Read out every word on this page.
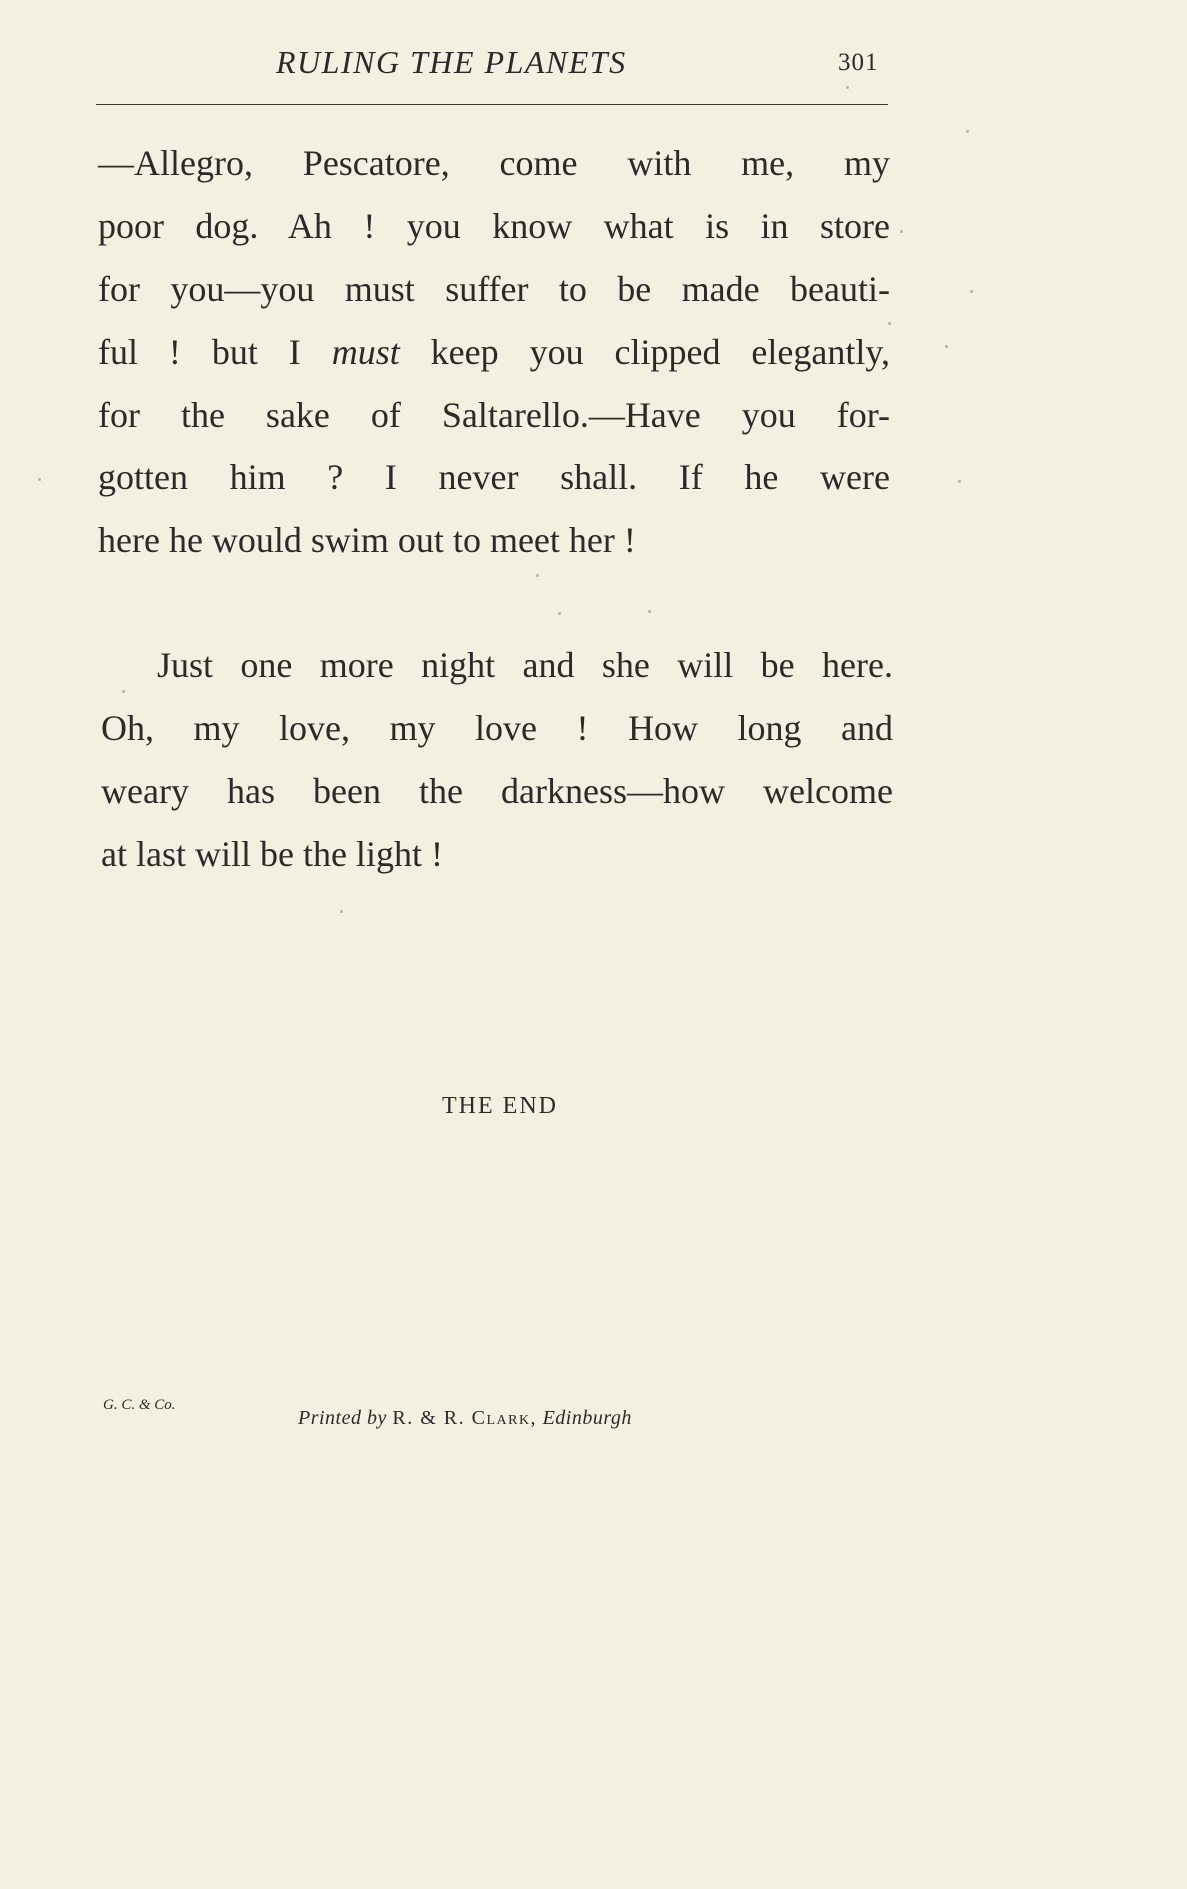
RULING THE PLANETS	301
—Allegro, Pescatore, come with me, my
poor dog. Ah ! you know what is in store
for you—you must suffer to be made beauti-
ful ! but I must keep you clipped elegantly,
for the sake of Saltarello.—Have you for-
gotten him ? I never shall. If he were
here he would swim out to meet her !
Just one more night and she will be here.
Oh, my love, my love ! How long and
weary has been the darkness—how welcome
at last will be the light !
THE END
G. C. & Co.
Printed by R. & R. Clark, Edinburgh
